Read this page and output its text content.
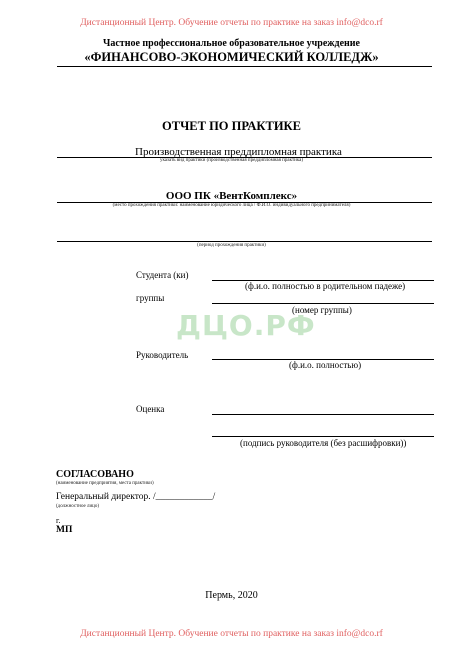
Дистанционный Центр. Обучение отчеты по практике на заказ info@dco.rf
Частное профессиональное образовательное учреждение
«ФИНАНСОВО-ЭКОНОМИЧЕСКИЙ КОЛЛЕДЖ»
ОТЧЕТ ПО ПРАКТИКЕ
Производственная преддипломная практика
указать вид практики (производственная преддипломная практика)
ООО ПК «ВентКомплекс»
(место прохождения практики: наименование юридического лица / Ф.И.О. индивидуального предпринимателя)
(период прохождения практики)
Студента (ки)
(ф.и.о. полностью в родительном падеже)
группы
(номер группы)
ДЦО.РФ
Руководитель
(ф.и.о. полностью)
Оценка
(подпись руководителя (без расшифровки))
СОГЛАСОВАНО
(наименование предприятия, места практики)
Генеральный директор. /____________/
(должностное лицо)
г.
МП
Пермь, 2020
Дистанционный Центр. Обучение отчеты по практике на заказ info@dco.rf
